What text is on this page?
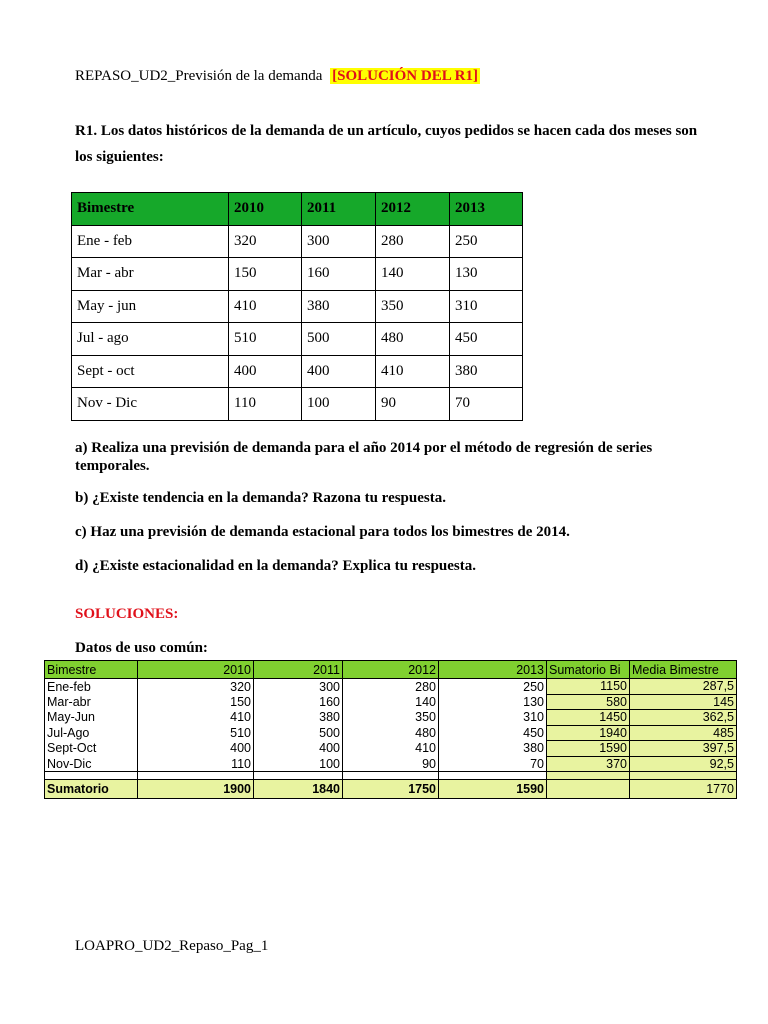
REPASO_UD2_Previsión de la demanda [SOLUCIÓN DEL R1]
R1. Los datos históricos de la demanda de un artículo, cuyos pedidos se hacen cada dos meses son los siguientes:
Bimestre	2010	2011	2012	2013
Ene - feb	320	300	280	250
Mar - abr	150	160	140	130
May - jun	410	380	350	310
Jul - ago	510	500	480	450
Sept - oct	400	400	410	380
Nov - Dic	110	100	90	70
a) Realiza una previsión de demanda para el año 2014 por el método de regresión de series temporales.
b) ¿Existe tendencia en la demanda? Razona tu respuesta.
c) Haz una previsión de demanda estacional para todos los bimestres de 2014.
d) ¿Existe estacionalidad en la demanda? Explica tu respuesta.
SOLUCIONES:
Datos de uso común:
Bimestre	2010	2011	2012	2013	Sumatorio Bi	Media Bimestre
Ene-feb	320	300	280	250	1150	287,5
Mar-abr	150	160	140	130	580	145
May-Jun	410	380	350	310	1450	362,5
Jul-Ago	510	500	480	450	1940	485
Sept-Oct	400	400	410	380	1590	397,5
Nov-Dic	110	100	90	70	370	92,5

Sumatorio	1900	1840	1750	1590		1770
LOAPRO_UD2_Repaso_Pag_1
